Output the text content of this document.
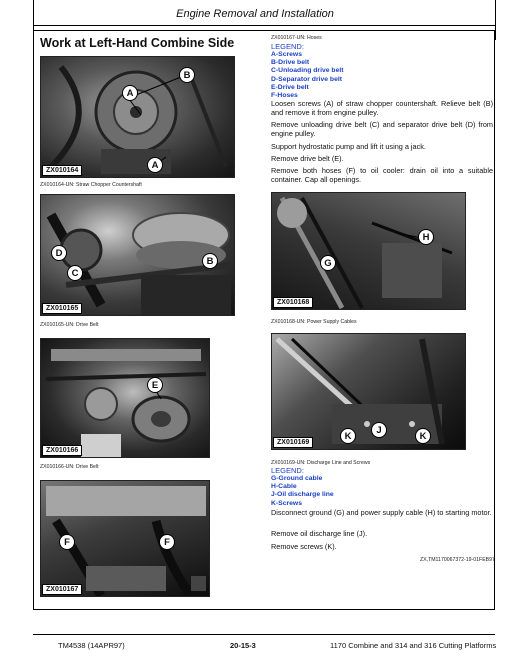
Engine Removal and Installation
Work at Left-Hand Combine Side
B
A
A
ZX010164
ZX010164-UN: Straw Chopper Countershaft
D
C
B
ZX010165
ZX010165-UN: Drive Belt
E
ZX010166
ZX010166-UN: Drive Belt
F	F
ZX010167
ZX010167-UN: Hoses
LEGEND:
A-Screws
B-Drive belt
C-Unloading drive belt
D-Separator drive belt
E-Drive belt
F-Hoses
Loosen screws (A) of straw chopper countershaft. Relieve belt (B) and remove it from engine pulley.
Remove unloading drive belt (C) and separator drive belt (D) from engine pulley.
Support hydrostatic pump and lift it using a jack.
Remove drive belt (E).
Remove both hoses (F) to oil cooler: drain oil into a suitable container. Cap all openings.
H
G
ZX010168
ZX010168-UN: Power Supply Cables
K
J
K
ZX010169
ZX010169-UN: Discharge Line and Screws
LEGEND:
G-Ground cable
H-Cable
J-Oil discharge line
K-Screws
Disconnect ground (G) and power supply cable (H) to starting motor.
Remove oil discharge line (J).
Remove screws (K).
ZX,TM1170067372-19-01FEB97
TM4538 (14APR97)	20-15-3	1170 Combine and 314 and 316 Cutting Platforms
